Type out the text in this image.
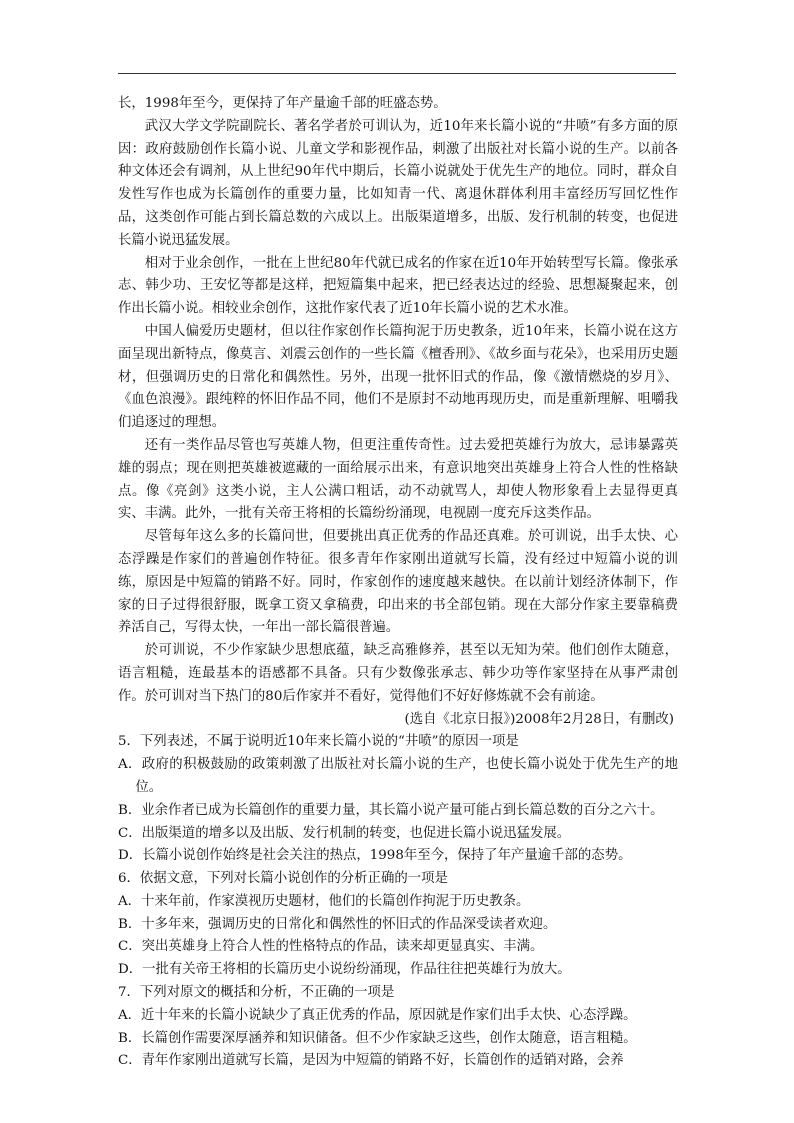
长，1998年至今，更保持了年产量逾千部的旺盛态势。

武汉大学文学院副院长、著名学者於可训认为，近10年来长篇小说的“井喷”有多方面的原因：政府鼓励创作长篇小说、儿童文学和影视作品，刺激了出版社对长篇小说的生产。以前各种文体还会有调剂，从上世纪90年代中期后，长篇小说就处于优先生产的地位。同时，群众自发性写作也成为长篇创作的重要力量，比如知青一代、离退休群体利用丰富经历写回忆性作品，这类创作可能占到长篇总数的六成以上。出版渠道增多，出版、发行机制的转变，也促进长篇小说迅猛发展。

相对于业余创作，一批在上世纪80年代就已成名的作家在近10年开始转型写长篇。像张承志、韩少功、王安忆等都是这样，把短篇集中起来，把已经表达过的经验、思想凝聚起来，创作出长篇小说。相较业余创作，这批作家代表了近10年长篇小说的艺术水准。

中国人偏爱历史题材，但以往作家创作长篇拘泥于历史教条，近10年来，长篇小说在这方面呈现出新特点，像莫言、刘震云创作的一些长篇《檀香刑》、《故乡面与花朵》，也采用历史题材，但强调历史的日常化和偶然性。另外，出现一批怀旧式的作品，像《激情燃烧的岁月》、《血色浪漫》。跟纯粹的怀旧作品不同，他们不是原封不动地再现历史，而是重新理解、咀嚼我们追逐过的理想。

还有一类作品尽管也写英雄人物，但更注重传奇性。过去爱把英雄行为放大，忌讳暴露英雄的弱点；现在则把英雄被遮藏的一面给展示出来，有意识地突出英雄身上符合人性的性格缺点。像《亮剑》这类小说，主人公满口粗话，动不动就骂人，却使人物形象看上去显得更真实、丰满。此外，一批有关帝王将相的长篇纷纷涌现，电视剧一度充斥这类作品。

尽管每年这么多的长篇问世，但要挑出真正优秀的作品还真难。於可训说，出手太快、心态浮躁是作家们的普遍创作特征。很多青年作家刚出道就写长篇，没有经过中短篇小说的训练，原因是中短篇的销路不好。同时，作家创作的速度越来越快。在以前计划经济体制下，作家的日子过得很舒服，既拿工资又拿稿费，印出来的书全部包销。现在大部分作家主要靠稿费养活自己，写得太快，一年出一部长篇很普遍。

於可训说，不少作家缺少思想底蕴，缺乏高雅修养，甚至以无知为荣。他们创作太随意，语言粗糙，连最基本的语感都不具备。只有少数像张承志、韩少功等作家坚持在从事严肃创作。於可训对当下热门的80后作家并不看好，觉得他们不好好修炼就不会有前途。

(选自《北京日报》)2008年2月28日，有删改)

5．下列表述，不属于说明近10年来长篇小说的“井喷”的原因一项是

A．政府的积极鼓励的政策刺激了出版社对长篇小说的生产，也使长篇小说处于优先生产的地位。

B．业余作者已成为长篇创作的重要力量，其长篇小说产量可能占到长篇总数的百分之六十。

C．出版渠道的增多以及出版、发行机制的转变，也促进长篇小说迅猛发展。

D．长篇小说创作始终是社会关注的热点，1998年至今，保持了年产量逾千部的态势。

6．依据文意，下列对长篇小说创作的分析正确的一项是

A．十来年前，作家漠视历史题材，他们的长篇创作拘泥于历史教条。

B．十多年来，强调历史的日常化和偶然性的怀旧式的作品深受读者欢迎。

C．突出英雄身上符合人性的性格特点的作品，读来却更显真实、丰满。

D．一批有关帝王将相的长篇历史小说纷纷涌现，作品往往把英雄行为放大。

7．下列对原文的概括和分析，不正确的一项是

A．近十年来的长篇小说缺少了真正优秀的作品，原因就是作家们出手太快、心态浮躁。

B．长篇创作需要深厚涵养和知识储备。但不少作家缺乏这些，创作太随意，语言粗糙。

C．青年作家刚出道就写长篇，是因为中短篇的销路不好，长篇创作的适销对路，会养
